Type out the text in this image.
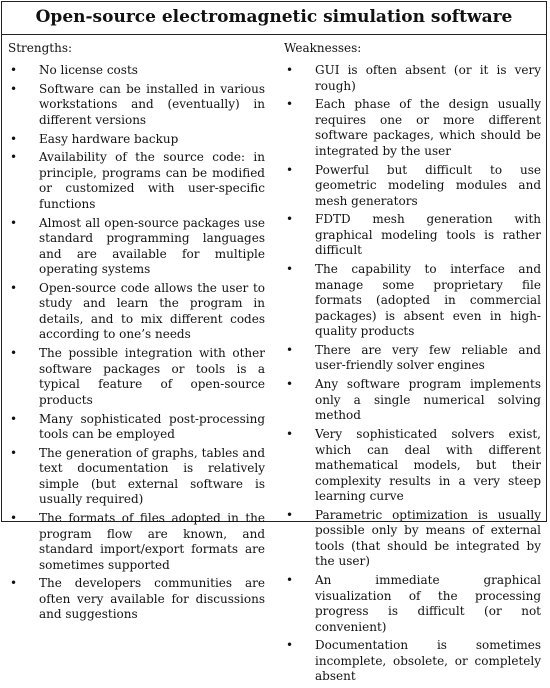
Open-source electromagnetic simulation software
Strengths:
• No license costs
• Software can be installed in various workstations and (eventually) in different versions
• Easy hardware backup
• Availability of the source code: in principle, programs can be modified or customized with user-specific functions
• Almost all open-source packages use standard programming languages and are available for multiple operating systems
• Open-source code allows the user to study and learn the program in details, and to mix different codes according to one’s needs
• The possible integration with other software packages or tools is a typical feature of open-source products
• Many sophisticated post-processing tools can be employed
• The generation of graphs, tables and text documentation is relatively simple (but external software is usually required)
• The formats of files adopted in the program flow are known, and standard import/export formats are sometimes supported
• The developers communities are often very available for discussions and suggestions
Weaknesses:
• GUI is often absent (or it is very rough)
• Each phase of the design usually requires one or more different software packages, which should be integrated by the user
• Powerful but difficult to use geometric modeling modules and mesh generators
• FDTD mesh generation with graphical modeling tools is rather difficult
• The capability to interface and manage some proprietary file formats (adopted in commercial packages) is absent even in high-quality products
• There are very few reliable and user-friendly solver engines
• Any software program implements only a single numerical solving method
• Very sophisticated solvers exist, which can deal with different mathematical models, but their complexity results in a very steep learning curve
• Parametric optimization is usually possible only by means of external tools (that should be integrated by the user)
• An immediate graphical visualization of the processing progress is difficult (or not convenient)
• Documentation is sometimes incomplete, obsolete, or completely absent
